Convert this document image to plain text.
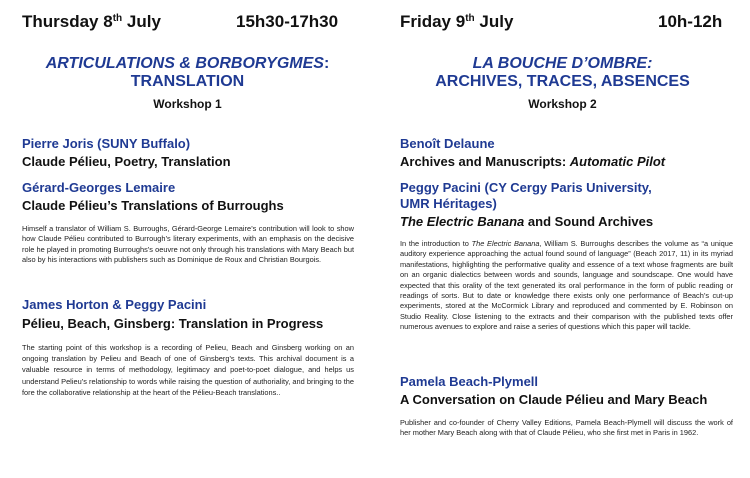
Thursday 8th July	15h30-17h30
ARTICULATIONS & BORBORYGMES:
TRANSLATION
Workshop 1
Pierre Joris (SUNY Buffalo)
Claude Pélieu, Poetry, Translation
Gérard-Georges Lemaire
Claude Pélieu’s Translations of Burroughs
Himself a translator of William S. Burroughs, Gérard-George Lemaire’s contribution will look to show how Claude Pélieu contributed to Burrough’s literary experiments, with an emphasis on the decisive role he played in promoting Burroughs’s oeuvre not only through his translations with Mary Beach but also by his interactions with publishers such as Dominique de Roux and Christian Bourgois.
James Horton & Peggy Pacini
Pélieu, Beach, Ginsberg: Translation in Progress
The starting point of this workshop is a recording of Pelieu, Beach and Ginsberg working on an ongoing translation by Pelieu and Beach of one of Ginsberg’s texts. This archival document is a valuable resource in terms of methodology, legitimacy and poet-to-poet dialogue, and helps us understand Pelieu’s relationship to words while raising the question of authoriality, and bringing to the fore the collaborative relationship at the heart of the Pélieu-Beach translations..
Friday 9th July	10h-12h
LA BOUCHE D’OMBRE:
ARCHIVES, TRACES, ABSENCES
Workshop 2
Benoît Delaune
Archives and Manuscripts: Automatic Pilot
Peggy Pacini (CY Cergy Paris University,
UMR Héritages)
The Electric Banana and Sound Archives
In the introduction to The Electric Banana, William S. Burroughs describes the volume as “a unique auditory experience approaching the actual found sound of language” (Beach 2017, 11) in its myriad manifestations, highlighting the performative quality and essence of a text whose fragments are built on an organic dialectics between words and sounds, language and soundscape. One would have expected that this orality of the text generated its oral performance in the form of public reading or readings of sorts. But to date or knowledge there exists only one performance of Beach’s cut-up experiments, stored at the McCormick Library and reproduced and commented by E. Robinson on Studio Reality. Close listening to the extracts and their comparison with the published texts offer numerous avenues to explore and raise a series of questions which this paper will tackle.
Pamela Beach-Plymell
A Conversation on Claude Pélieu and Mary Beach
Publisher and co-founder of Cherry Valley Editions, Pamela Beach-Plymell will discuss the work of her mother Mary Beach along with that of Claude Pélieu, who she first met in Paris in 1962.
